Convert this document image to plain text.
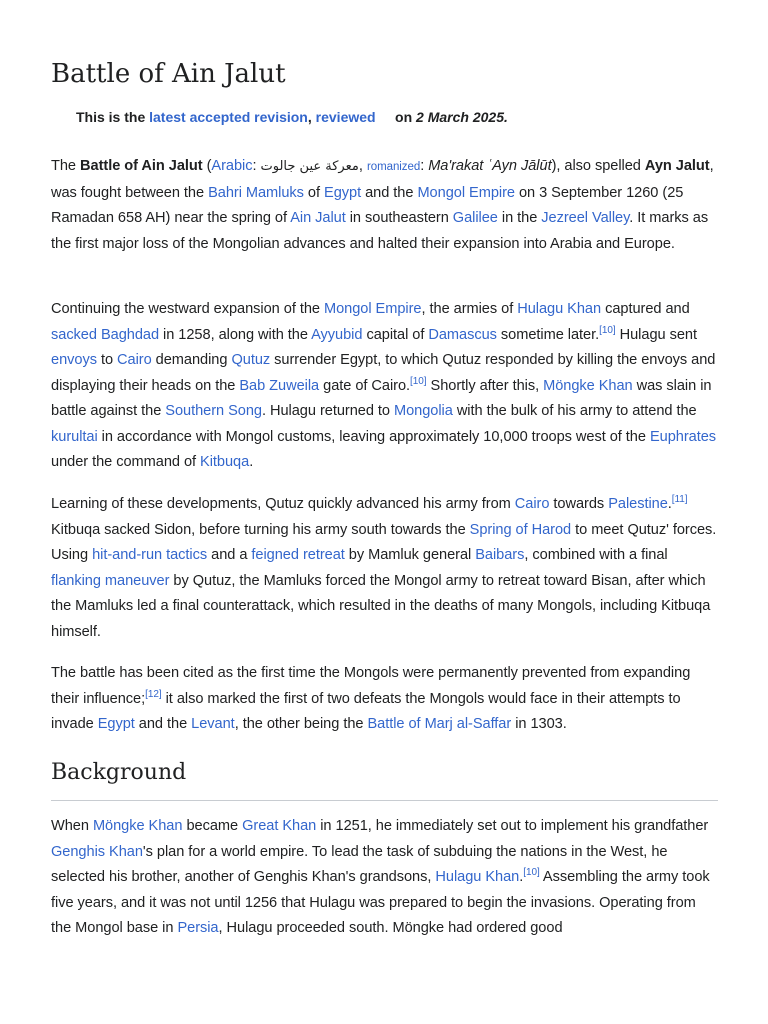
Battle of Ain Jalut

This is the latest accepted revision, reviewed on 2 March 2025.

The Battle of Ain Jalut (Arabic: معركة عين جالوت, romanized: Ma'rakat ʿAyn Jālūt), also spelled Ayn Jalut, was fought between the Bahri Mamluks of Egypt and the Mongol Empire on 3 September 1260 (25 Ramadan 658 AH) near the spring of Ain Jalut in southeastern Galilee in the Jezreel Valley. It marks as the first major loss of the Mongolian advances and halted their expansion into Arabia and Europe.

Continuing the westward expansion of the Mongol Empire, the armies of Hulagu Khan captured and sacked Baghdad in 1258, along with the Ayyubid capital of Damascus sometime later.[10] Hulagu sent envoys to Cairo demanding Qutuz surrender Egypt, to which Qutuz responded by killing the envoys and displaying their heads on the Bab Zuweila gate of Cairo.[10] Shortly after this, Möngke Khan was slain in battle against the Southern Song. Hulagu returned to Mongolia with the bulk of his army to attend the kurultai in accordance with Mongol customs, leaving approximately 10,000 troops west of the Euphrates under the command of Kitbuqa.

Learning of these developments, Qutuz quickly advanced his army from Cairo towards Palestine.[11] Kitbuqa sacked Sidon, before turning his army south towards the Spring of Harod to meet Qutuz' forces. Using hit-and-run tactics and a feigned retreat by Mamluk general Baibars, combined with a final flanking maneuver by Qutuz, the Mamluks forced the Mongol army to retreat toward Bisan, after which the Mamluks led a final counterattack, which resulted in the deaths of many Mongols, including Kitbuqa himself.

The battle has been cited as the first time the Mongols were permanently prevented from expanding their influence;[12] it also marked the first of two defeats the Mongols would face in their attempts to invade Egypt and the Levant, the other being the Battle of Marj al-Saffar in 1303.

Background

When Möngke Khan became Great Khan in 1251, he immediately set out to implement his grandfather Genghis Khan's plan for a world empire. To lead the task of subduing the nations in the West, he selected his brother, another of Genghis Khan's grandsons, Hulagu Khan.[10] Assembling the army took five years, and it was not until 1256 that Hulagu was prepared to begin the invasions. Operating from the Mongol base in Persia, Hulagu proceeded south. Möngke had ordered good
